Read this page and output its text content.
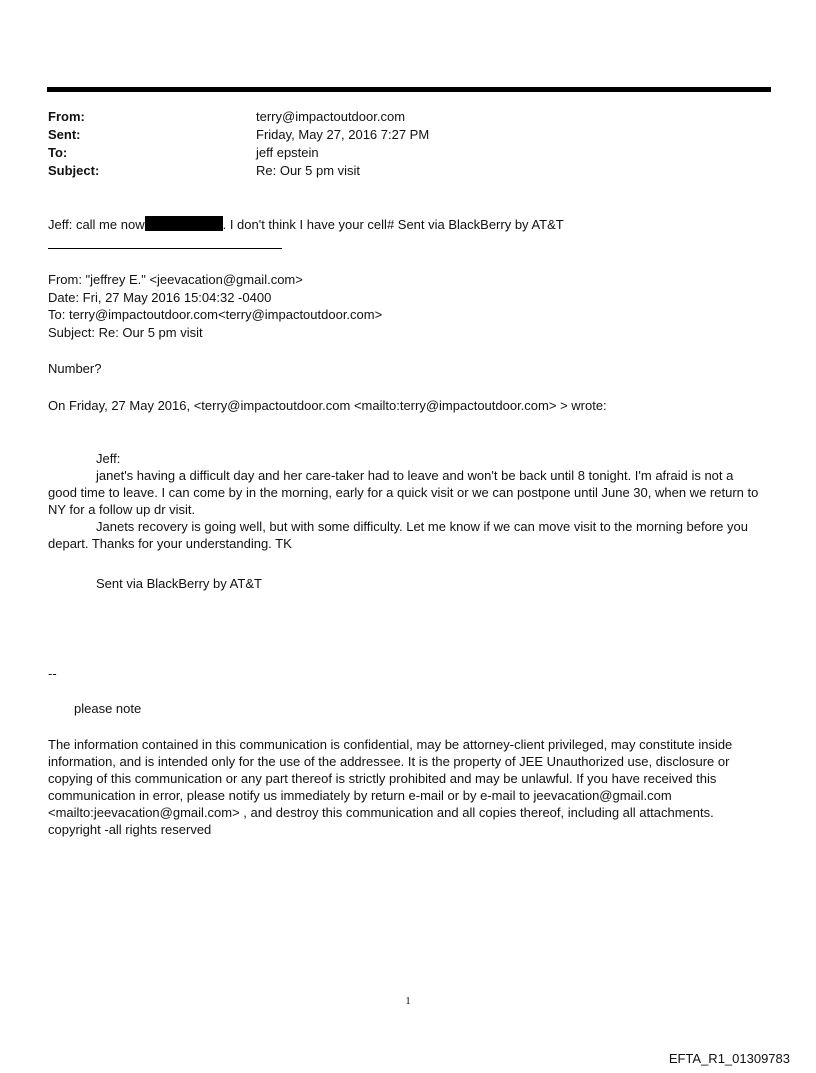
From:	terry@impactoutdoor.com
Sent:	Friday, May 27, 2016 7:27 PM
To:	jeff epstein
Subject:	Re: Our 5 pm visit
Jeff: call me now	. I don't think I have your cell# Sent via BlackBerry by AT&T
From: "jeffrey E." <jeevacation@gmail.com>
Date: Fri, 27 May 2016 15:04:32 -0400
To: terry@impactoutdoor.com<terry@impactoutdoor.com>
Subject: Re: Our 5 pm visit
Number?
On Friday, 27 May 2016, <terry@impactoutdoor.com <mailto:terry@impactoutdoor.com> > wrote:
Jeff:

janet's having a difficult day and her care-taker had to leave and won't be back until 8 tonight. I'm afraid is not a good time to leave. I can come by in the morning, early for a quick visit or we can postpone until June 30, when we return to NY for a follow up dr visit.

Janets recovery is going well, but with some difficulty. Let me know if we can move visit to the morning before you depart. Thanks for your understanding. TK

Sent via BlackBerry by AT&T
--
please note
The information contained in this communication is confidential, may be attorney-client privileged, may constitute inside information, and is intended only for the use of the addressee. It is the property of JEE Unauthorized use, disclosure or copying of this communication or any part thereof is strictly prohibited and may be unlawful. If you have received this communication in error, please notify us immediately by return e-mail or by e-mail to jeevacation@gmail.com <mailto:jeevacation@gmail.com> , and destroy this communication and all copies thereof, including all attachments. copyright -all rights reserved
1
EFTA_R1_01309783
